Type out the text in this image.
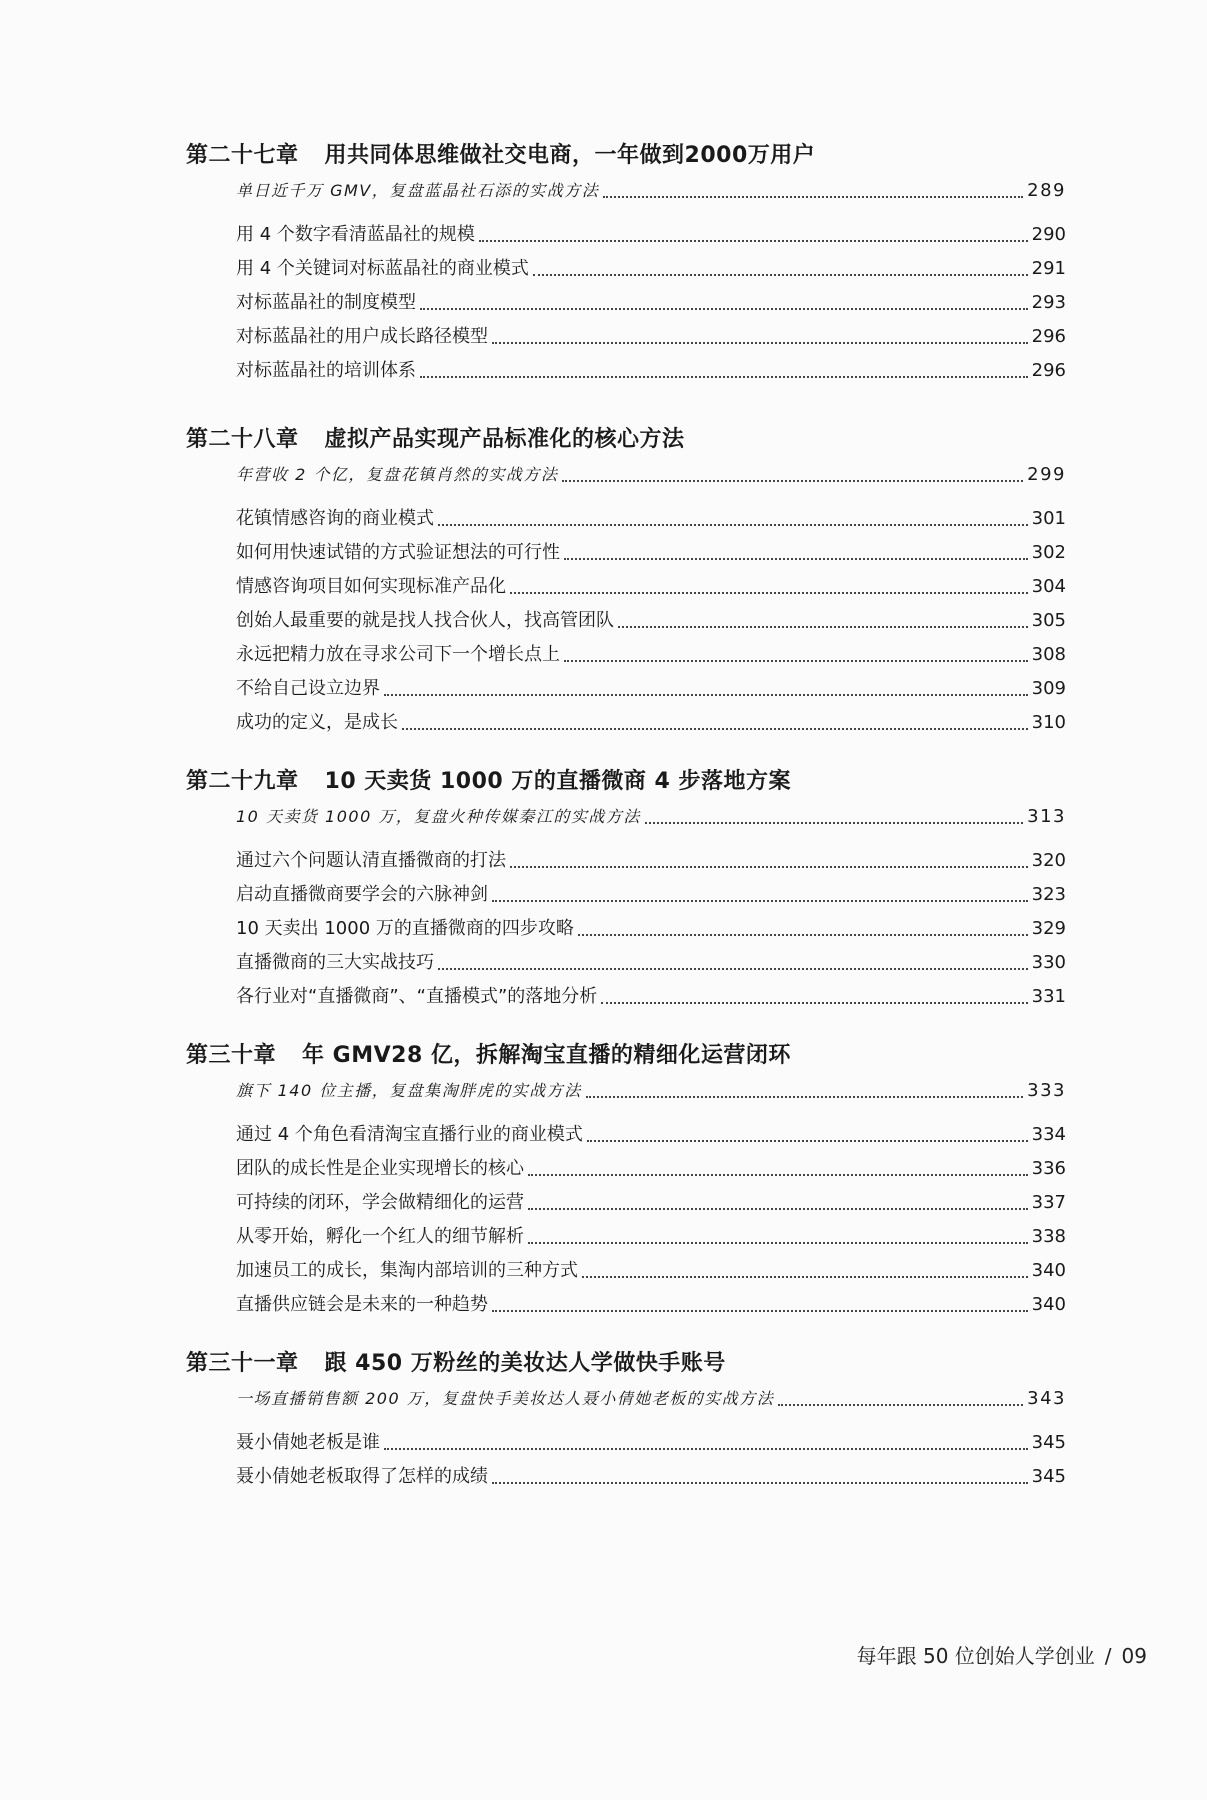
第二十七章 用共同体思维做社交电商，一年做到2000万用户
单日近千万 GMV，复盘蓝晶社石添的实战方法	289
用 4 个数字看清蓝晶社的规模	290
用 4 个关键词对标蓝晶社的商业模式	291
对标蓝晶社的制度模型	293
对标蓝晶社的用户成长路径模型	296
对标蓝晶社的培训体系	296
第二十八章 虚拟产品实现产品标准化的核心方法
年营收 2 个亿，复盘花镇肖然的实战方法	299
花镇情感咨询的商业模式	301
如何用快速试错的方式验证想法的可行性	302
情感咨询项目如何实现标准产品化	304
创始人最重要的就是找人找合伙人，找高管团队	305
永远把精力放在寻求公司下一个增长点上	308
不给自己设立边界	309
成功的定义，是成长	310
第二十九章 10 天卖货 1000 万的直播微商 4 步落地方案
10 天卖货 1000 万，复盘火种传媒秦江的实战方法	313
通过六个问题认清直播微商的打法	320
启动直播微商要学会的六脉神剑	323
10 天卖出 1000 万的直播微商的四步攻略	329
直播微商的三大实战技巧	330
各行业对“直播微商”、“直播模式”的落地分析	331
第三十章 年 GMV28 亿，拆解淘宝直播的精细化运营闭环
旗下 140 位主播，复盘集淘胖虎的实战方法	333
通过 4 个角色看清淘宝直播行业的商业模式	334
团队的成长性是企业实现增长的核心	336
可持续的闭环，学会做精细化的运营	337
从零开始，孵化一个红人的细节解析	338
加速员工的成长，集淘内部培训的三种方式	340
直播供应链会是未来的一种趋势	340
第三十一章 跟 450 万粉丝的美妆达人学做快手账号
一场直播销售额 200 万，复盘快手美妆达人聂小倩她老板的实战方法	343
聂小倩她老板是谁	345
聂小倩她老板取得了怎样的成绩	345
每年跟 50 位创始人学创业 / 09
